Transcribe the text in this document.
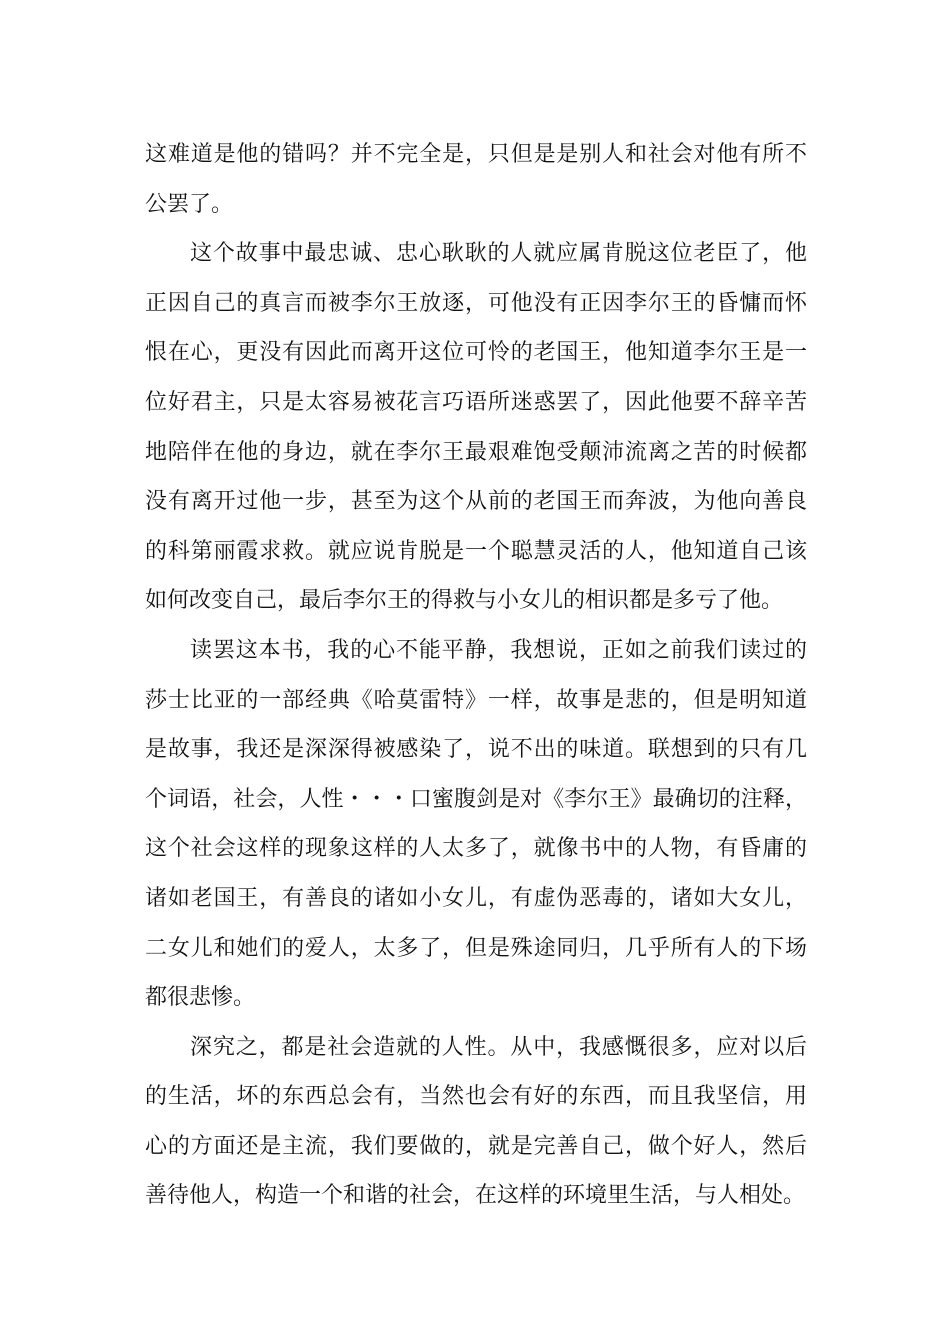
这难道是他的错吗？并不完全是，只但是是别人和社会对他有所不
公罢了。
这个故事中最忠诚、忠心耿耿的人就应属肯脱这位老臣了，他
正因自己的真言而被李尔王放逐，可他没有正因李尔王的昏慵而怀
恨在心，更没有因此而离开这位可怜的老国王，他知道李尔王是一
位好君主，只是太容易被花言巧语所迷惑罢了，因此他要不辞辛苦
地陪伴在他的身边，就在李尔王最艰难饱受颠沛流离之苦的时候都
没有离开过他一步，甚至为这个从前的老国王而奔波，为他向善良
的科第丽霞求救。就应说肯脱是一个聪慧灵活的人，他知道自己该
如何改变自己，最后李尔王的得救与小女儿的相识都是多亏了他。
读罢这本书，我的心不能平静，我想说，正如之前我们读过的
莎士比亚的一部经典《哈莫雷特》一样，故事是悲的，但是明知道
是故事，我还是深深得被感染了，说不出的味道。联想到的只有几
个词语，社会，人性・・・口蜜腹剑是对《李尔王》最确切的注释，
这个社会这样的现象这样的人太多了，就像书中的人物，有昏庸的
诸如老国王，有善良的诸如小女儿，有虚伪恶毒的，诸如大女儿，
二女儿和她们的爱人，太多了，但是殊途同归，几乎所有人的下场
都很悲惨。
深究之，都是社会造就的人性。从中，我感慨很多，应对以后
的生活，坏的东西总会有，当然也会有好的东西，而且我坚信，用
心的方面还是主流，我们要做的，就是完善自己，做个好人，然后
善待他人，构造一个和谐的社会，在这样的环境里生活，与人相处。
